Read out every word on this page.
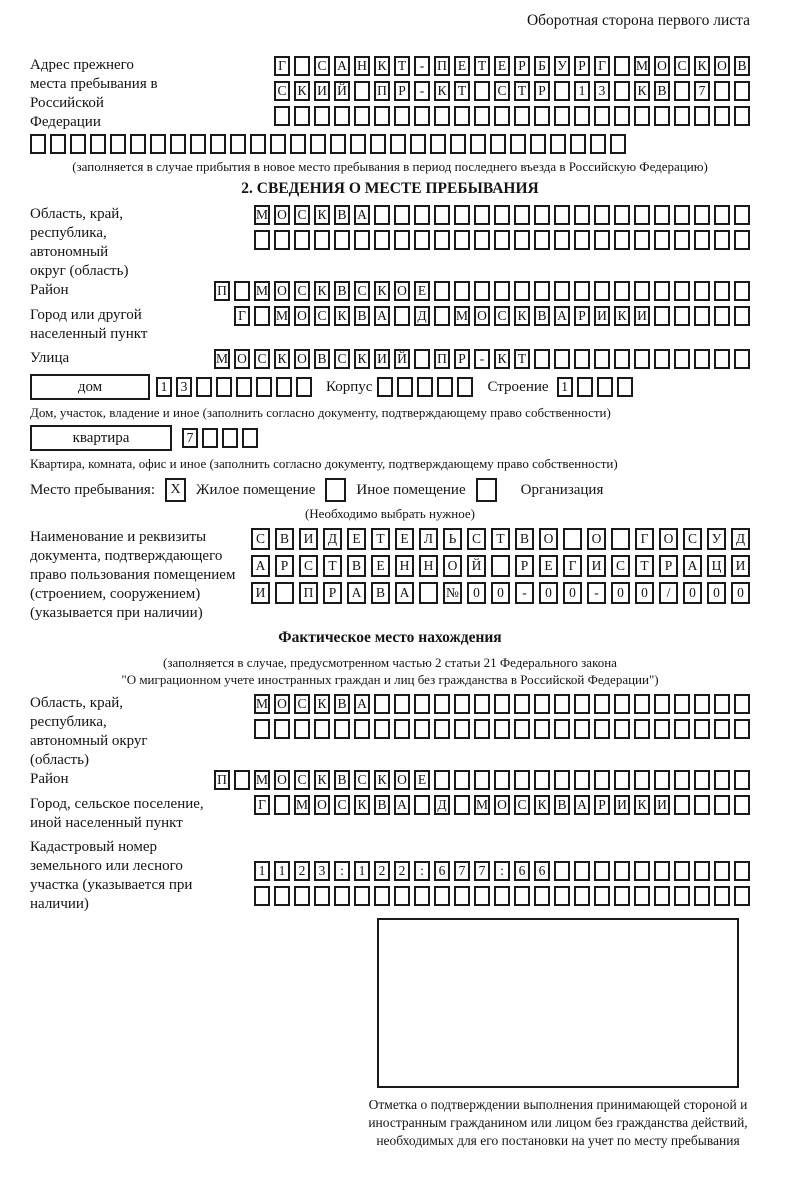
Оборотная сторона первого листа
Адрес прежнего места пребывания в Российской Федерации
Г	С А Н К Т	- П Е Т Е Р Б У Р Г	М О С К О В
С К И Й П Р	- К Т С Т Р	1 3	К В	7
(заполняется в случае прибытия в новое место пребывания в период последнего въезда в Российскую Федерацию)
2. СВЕДЕНИЯ О МЕСТЕ ПРЕБЫВАНИЯ
Область, край, республика, автономный округ (область)
М О С К В А
Район	П М О С К В С К О Е
Город или другой населенный пункт
Г	М О С К В А Д М О С К В А Р И К И
Улица	М О С К О В С К И Й П Р	- К Т
дом	1 3	Корпус	Строение 1
Дом, участок, владение и иное (заполнить согласно документу, подтверждающему право собственности)
квартира	7
Квартира, комната, офис и иное (заполнить согласно документу, подтверждающему право собственности)
Место пребывания:	X	Жилое помещение	Иное помещение	Организация
(Необходимо выбрать нужное)
Наименование и реквизиты документа, подтверждающего право пользования помещением (строением, сооружением) (указывается при наличии)
С	В	И	Д	Е	Т	Е	Л	Ь	С	Т	В	О	О	Г	О	С	У	Д
А	Р	С	Т	В	Е	Н	Н	О	Й	Р	Е	Г	И	С	Т	Р	А	Ц	И
И	П	Р	А	В	А	№	0	0	-	0	0	-	0	0	/	0	0	0
Фактическое место нахождения
(заполняется в случае, предусмотренном частью 2 статьи 21 Федерального закона
"О миграционном учете иностранных граждан и лиц без гражданства в Российской Федерации")
Область, край, республика, автономный округ (область)
М О С К В А
Район	П М О С К В С К О Е
Город, сельское поселение, иной населенный пункт
Г	М О С К В А Д М О С К В А Р И К И
Кадастровый номер земельного или лесного участка (указывается при наличии)
1 1 2 3	:	1 2 2	:	6 7 7	:	6 6
Отметка о подтверждении выполнения принимающей стороной и иностранным гражданином или лицом без гражданства действий, необходимых для его постановки на учет по месту пребывания
